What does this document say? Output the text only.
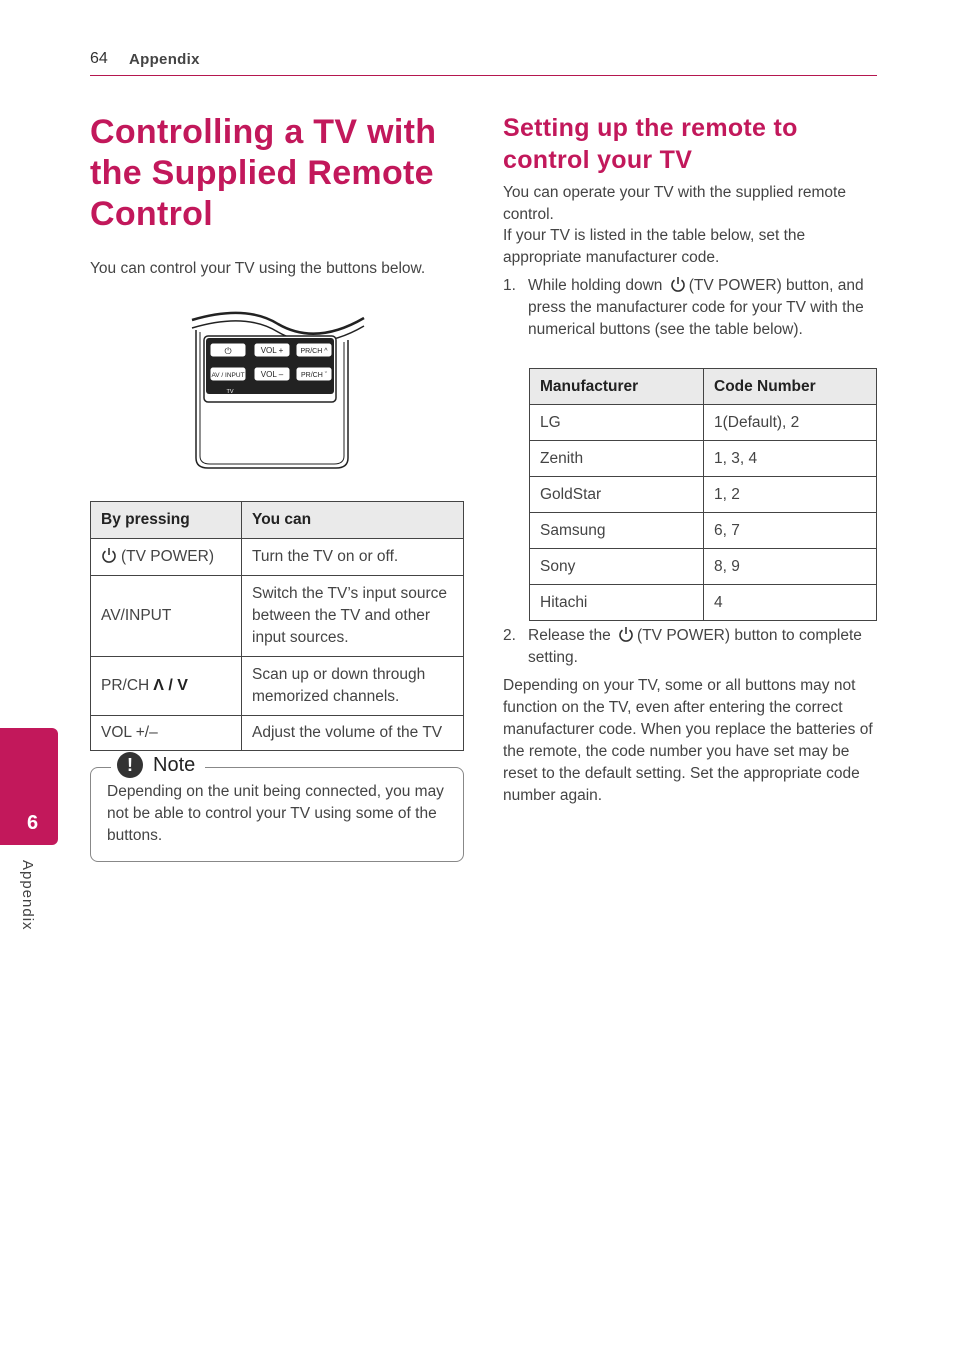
64 Appendix
Controlling a TV with the Supplied Remote Control

You can control your TV using the buttons below.

⏻	VOL + PR/CH ^
AV / INPUT VOL –	PR/CH ˇ
TV
By pressing	You can
(TV POWER)	Turn the TV on or off.
AV/INPUT	Switch the TV’s input source between the TV and other input sources.
PR/CH Λ / V	Scan up or down through memorized channels.
VOL +/–	Adjust the volume of the TV
!	Note

Depending on the unit being connected, you may not be able to control your TV using some of the buttons.

6
Appendix
Setting up the remote to control your TV

You can operate your TV with the supplied remote control.

If your TV is listed in the table below, set the appropriate manufacturer code.

1. While holding down (TV POWER) button, and press the manufacturer code for your TV with the numerical buttons (see the table below).

Manufacturer	Code Number
LG	1(Default), 2
Zenith	1, 3, 4
GoldStar	1, 2
Samsung	6, 7
Sony	8, 9
Hitachi	4

2. Release the (TV POWER) button to complete setting.

Depending on your TV, some or all buttons may not function on the TV, even after entering the correct manufacturer code. When you replace the batteries of the remote, the code number you have set may be reset to the default setting. Set the appropriate code number again.
